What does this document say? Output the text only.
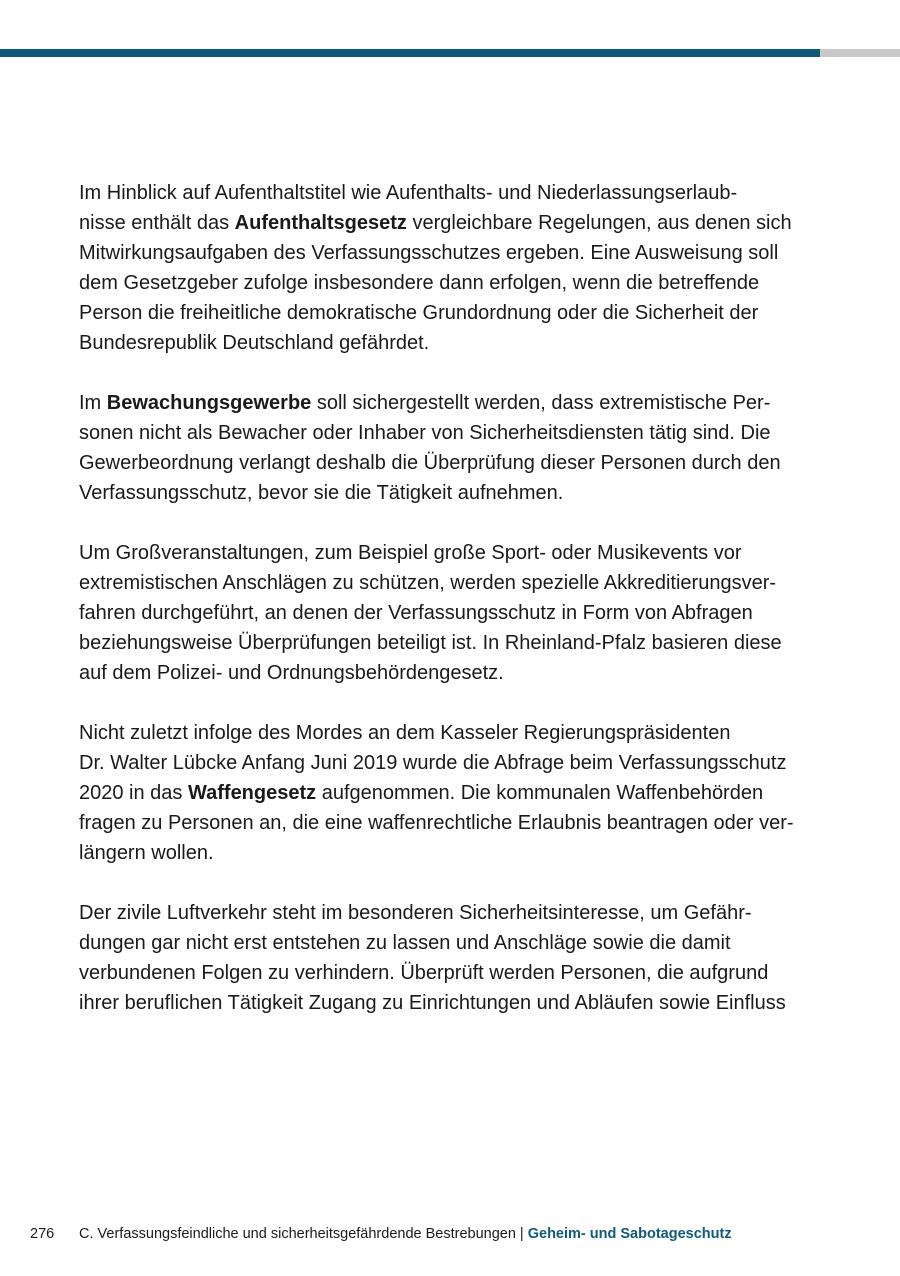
Im Hinblick auf Aufenthaltstitel wie Aufenthalts- und Niederlassungserlaub-
nisse enthält das Aufenthaltsgesetz vergleichbare Regelungen, aus denen sich
Mitwirkungsaufgaben des Verfassungsschutzes ergeben. Eine Ausweisung soll
dem Gesetzgeber zufolge insbesondere dann erfolgen, wenn die betreffende
Person die freiheitliche demokratische Grundordnung oder die Sicherheit der
Bundesrepublik Deutschland gefährdet.

Im Bewachungsgewerbe soll sichergestellt werden, dass extremistische Per-
sonen nicht als Bewacher oder Inhaber von Sicherheitsdiensten tätig sind. Die
Gewerbeordnung verlangt deshalb die Überprüfung dieser Personen durch den
Verfassungsschutz, bevor sie die Tätigkeit aufnehmen.

Um Großveranstaltungen, zum Beispiel große Sport- oder Musikevents vor
extremistischen Anschlägen zu schützen, werden spezielle Akkreditierungsver-
fahren durchgeführt, an denen der Verfassungsschutz in Form von Abfragen
beziehungsweise Überprüfungen beteiligt ist. In Rheinland-Pfalz basieren diese
auf dem Polizei- und Ordnungsbehördengesetz.

Nicht zuletzt infolge des Mordes an dem Kasseler Regierungspräsidenten
Dr. Walter Lübcke Anfang Juni 2019 wurde die Abfrage beim Verfassungsschutz
2020 in das Waffengesetz aufgenommen. Die kommunalen Waffenbehörden
fragen zu Personen an, die eine waffenrechtliche Erlaubnis beantragen oder ver-
längern wollen.

Der zivile Luftverkehr steht im besonderen Sicherheitsinteresse, um Gefähr-
dungen gar nicht erst entstehen zu lassen und Anschläge sowie die damit
verbundenen Folgen zu verhindern. Überprüft werden Personen, die aufgrund
ihrer beruflichen Tätigkeit Zugang zu Einrichtungen und Abläufen sowie Einfluss

276 C. Verfassungsfeindliche und sicherheitsgefährdende Bestrebungen | Geheim- und Sabotageschutz
